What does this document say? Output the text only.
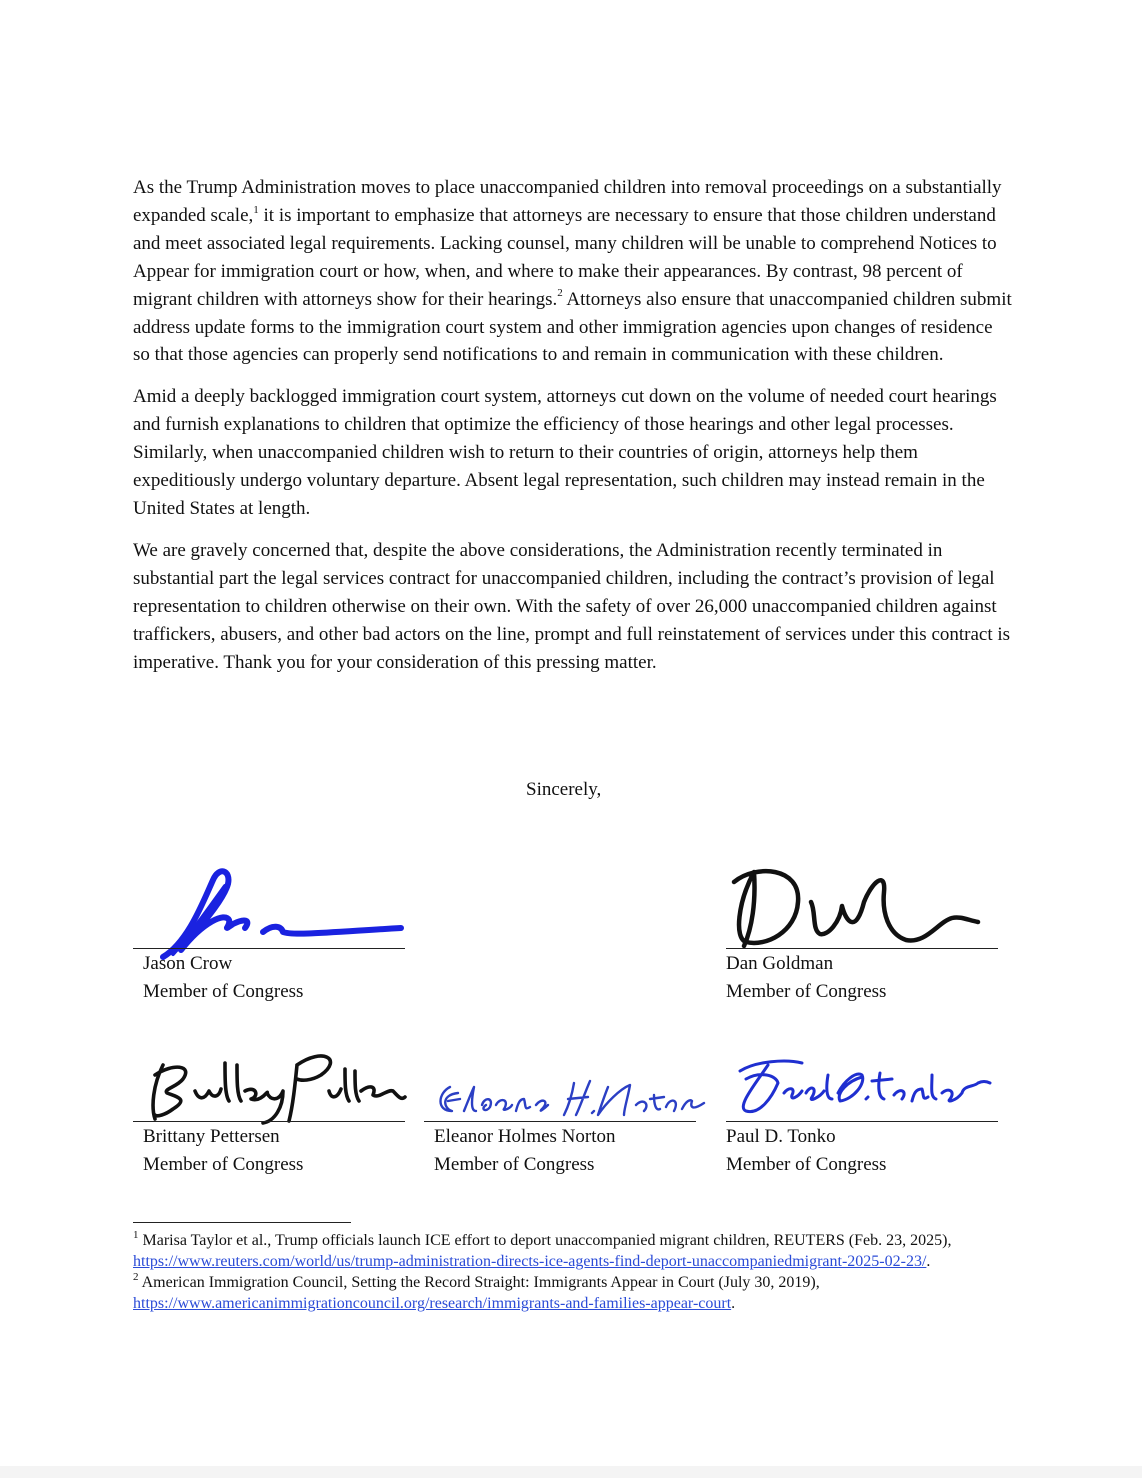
As the Trump Administration moves to place unaccompanied children into removal proceedings on a substantially expanded scale,$^1$ it is important to emphasize that attorneys are necessary to ensure that those children understand and meet associated legal requirements. Lacking counsel, many children will be unable to comprehend Notices to Appear for immigration court or how, when, and where to make their appearances. By contrast, 98 percent of migrant children with attorneys show for their hearings.$^2$ Attorneys also ensure that unaccompanied children submit address update forms to the immigration court system and other immigration agencies upon changes of residence so that those agencies can properly send notifications to and remain in communication with these children.

Amid a deeply backlogged immigration court system, attorneys cut down on the volume of needed court hearings and furnish explanations to children that optimize the efficiency of those hearings and other legal processes. Similarly, when unaccompanied children wish to return to their countries of origin, attorneys help them expeditiously undergo voluntary departure. Absent legal representation, such children may instead remain in the United States at length.

We are gravely concerned that, despite the above considerations, the Administration recently terminated in substantial part the legal services contract for unaccompanied children, including the contract’s provision of legal representation to children otherwise on their own. With the safety of over 26,000 unaccompanied children against traffickers, abusers, and other bad actors on the line, prompt and full reinstatement of services under this contract is imperative. Thank you for your consideration of this pressing matter.

Sincerely,
Jason Crow
Member of Congress
Dan Goldman
Member of Congress
Brittany Pettersen
Member of Congress
Eleanor Holmes Norton
Member of Congress
Paul D. Tonko
Member of Congress

$^1$ Marisa Taylor et al., Trump officials launch ICE effort to deport unaccompanied migrant children, REUTERS (Feb. 23, 2025), https://www.reuters.com/world/us/trump-administration-directs-ice-agents-find-deport-unaccompaniedmigrant-2025-02-23/.

$^2$ American Immigration Council, Setting the Record Straight: Immigrants Appear in Court (July 30, 2019), https://www.americanimmigrationcouncil.org/research/immigrants-and-families-appear-court.
